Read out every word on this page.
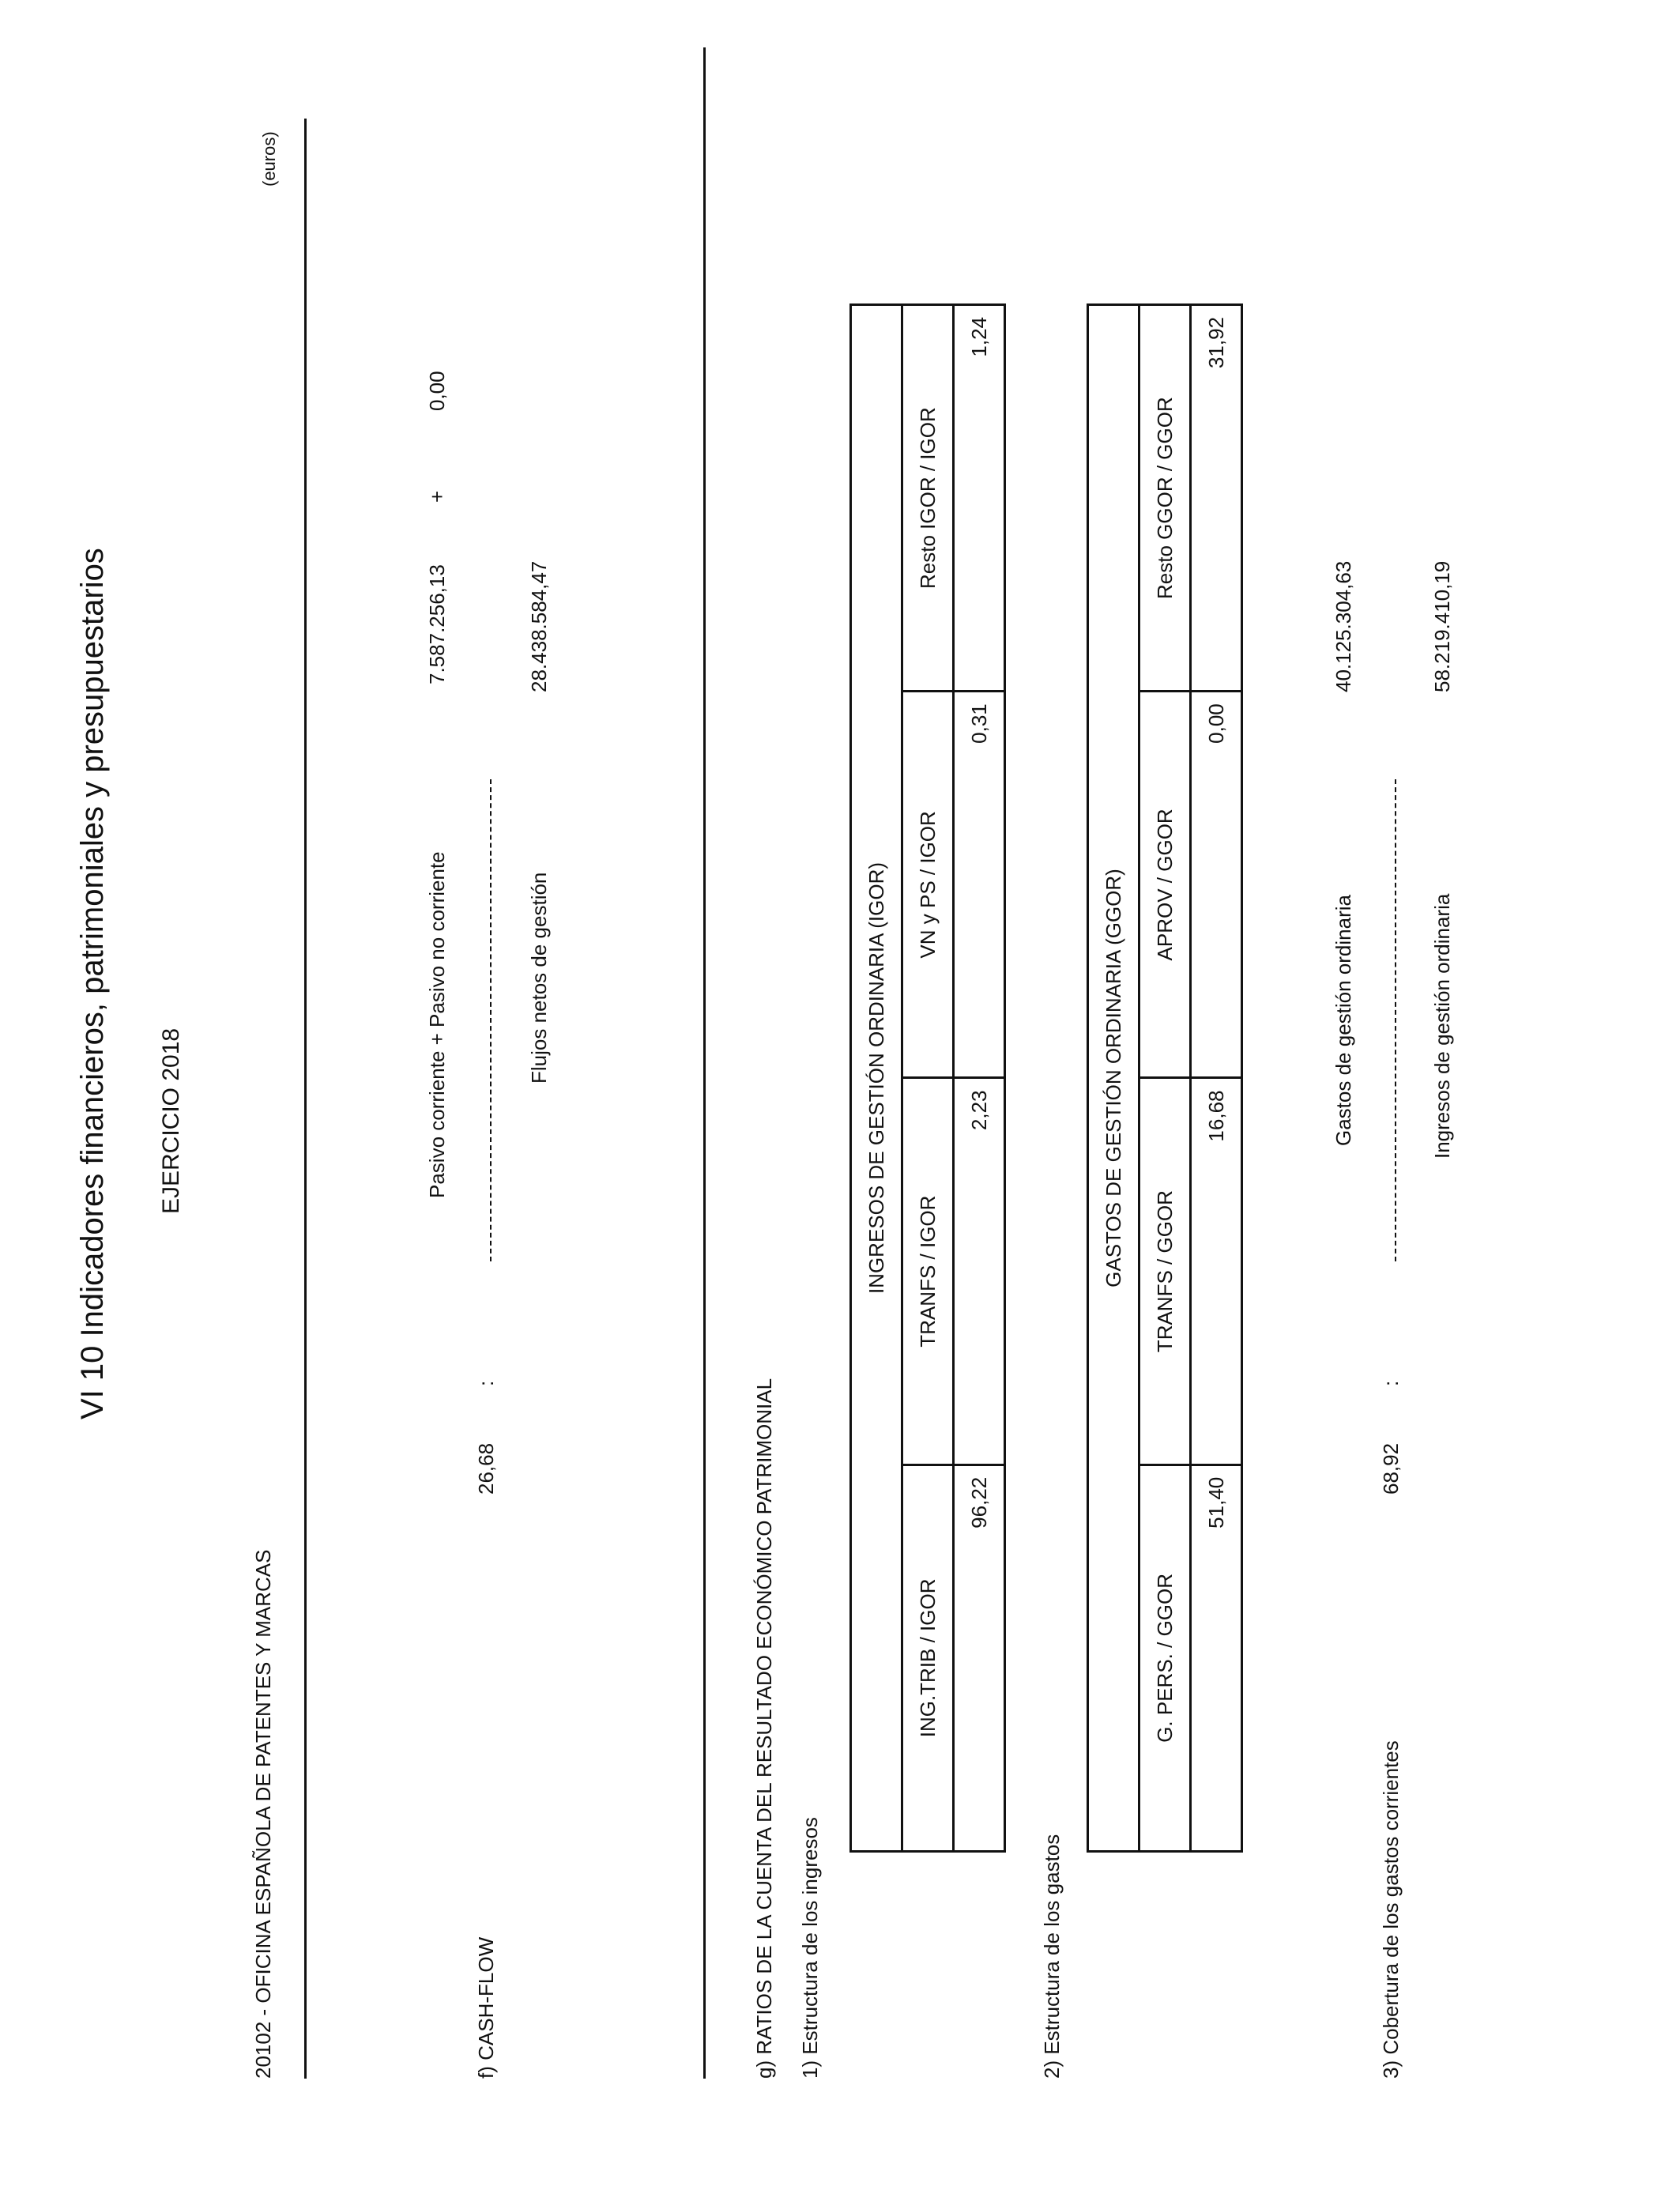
VI 10 Indicadores financieros, patrimoniales y presupuestarios EJERCICIO 2018
20102 - OFICINA ESPAÑOLA DE PATENTES Y MARCAS
(euros)
f) CASH-FLOW
26,68
:
Pasivo corriente + Pasivo no corriente
7.587.256,13
+
0,00
Flujos netos de gestión
28.438.584,47
g) RATIOS DE LA CUENTA DEL RESULTADO ECONÓMICO PATRIMONIAL 1) Estructura de los ingresos
INGRESOS DE GESTIÓN ORDINARIA (IGOR)			
ING.TRIB / IGOR	TRANFS / IGOR	VN y PS / IGOR	Resto IGOR / IGOR
96,22	2,23	0,31	1,24
2) Estructura de los gastos
GASTOS DE GESTIÓN ORDINARIA (GGOR)			
G. PERS. / GGOR	TRANFS / GGOR	APROV / GGOR	Resto GGOR / GGOR
51,40	16,68	0,00	31,92
3) Cobertura de los gastos corrientes
68,92
:
Gastos de gestión ordinaria
40.125.304,63
Ingresos de gestión ordinaria
58.219.410,19
